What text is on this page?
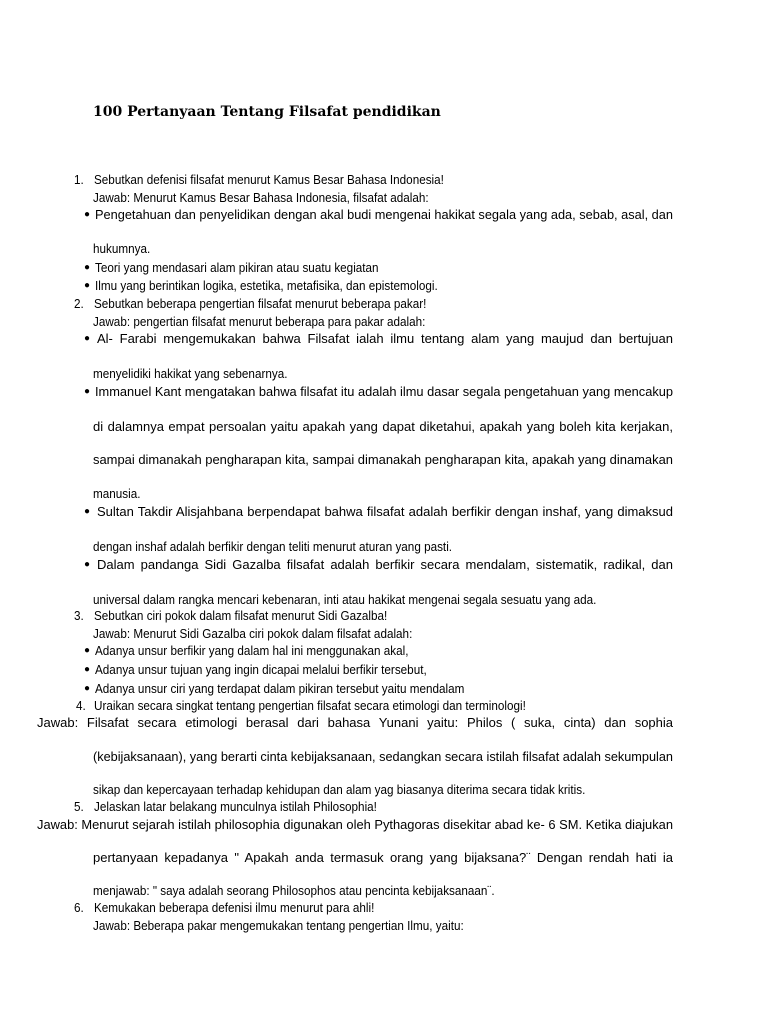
100 Pertanyaan Tentang Filsafat pendidikan
1. Sebutkan defenisi filsafat menurut Kamus Besar Bahasa Indonesia!
Jawab: Menurut Kamus Besar Bahasa Indonesia, filsafat adalah:
● Pengetahuan dan penyelidikan dengan akal budi mengenai hakikat segala yang ada, sebab, asal, dan
hukumnya.
● Teori yang mendasari alam pikiran atau suatu kegiatan
● Ilmu yang berintikan logika, estetika, metafisika, dan epistemologi.
2. Sebutkan beberapa pengertian filsafat menurut beberapa pakar!
Jawab: pengertian filsafat menurut beberapa para pakar adalah:
● Al- Farabi mengemukakan bahwa Filsafat ialah ilmu tentang alam yang maujud dan bertujuan
menyelidiki hakikat yang sebenarnya.
● Immanuel Kant mengatakan bahwa filsafat itu adalah ilmu dasar segala pengetahuan yang mencakup
di dalamnya empat persoalan yaitu apakah yang dapat diketahui, apakah yang boleh kita kerjakan,
sampai dimanakah pengharapan kita, sampai dimanakah pengharapan kita, apakah yang dinamakan
manusia.
● Sultan Takdir Alisjahbana berpendapat bahwa filsafat adalah berfikir dengan inshaf, yang dimaksud
dengan inshaf adalah berfikir dengan teliti menurut aturan yang pasti.
● Dalam pandanga Sidi Gazalba filsafat adalah berfikir secara mendalam, sistematik, radikal, dan
universal dalam rangka mencari kebenaran, inti atau hakikat mengenai segala sesuatu yang ada.
3. Sebutkan ciri pokok dalam filsafat menurut Sidi Gazalba!
Jawab: Menurut Sidi Gazalba ciri pokok dalam filsafat adalah:
● Adanya unsur berfikir yang dalam hal ini menggunakan akal,
● Adanya unsur tujuan yang ingin dicapai melalui berfikir tersebut,
● Adanya unsur ciri yang terdapat dalam pikiran tersebut yaitu mendalam
4. Uraikan secara singkat tentang pengertian filsafat secara etimologi dan terminologi!
Jawab: Filsafat secara etimologi berasal dari bahasa Yunani yaitu: Philos ( suka, cinta) dan sophia
(kebijaksanaan), yang berarti cinta kebijaksanaan, sedangkan secara istilah filsafat adalah sekumpulan
sikap dan kepercayaan terhadap kehidupan dan alam yag biasanya diterima secara tidak kritis.
5. Jelaskan latar belakang munculnya istilah Philosophia!
Jawab: Menurut sejarah istilah philosophia digunakan oleh Pythagoras disekitar abad ke- 6 SM. Ketika diajukan
pertanyaan kepadanya " Apakah anda termasuk orang yang bijaksana?¨ Dengan rendah hati ia
menjawab: " saya adalah seorang Philosophos atau pencinta kebijaksanaan¨.
6. Kemukakan beberapa defenisi ilmu menurut para ahli!
Jawab: Beberapa pakar mengemukakan tentang pengertian Ilmu, yaitu:
